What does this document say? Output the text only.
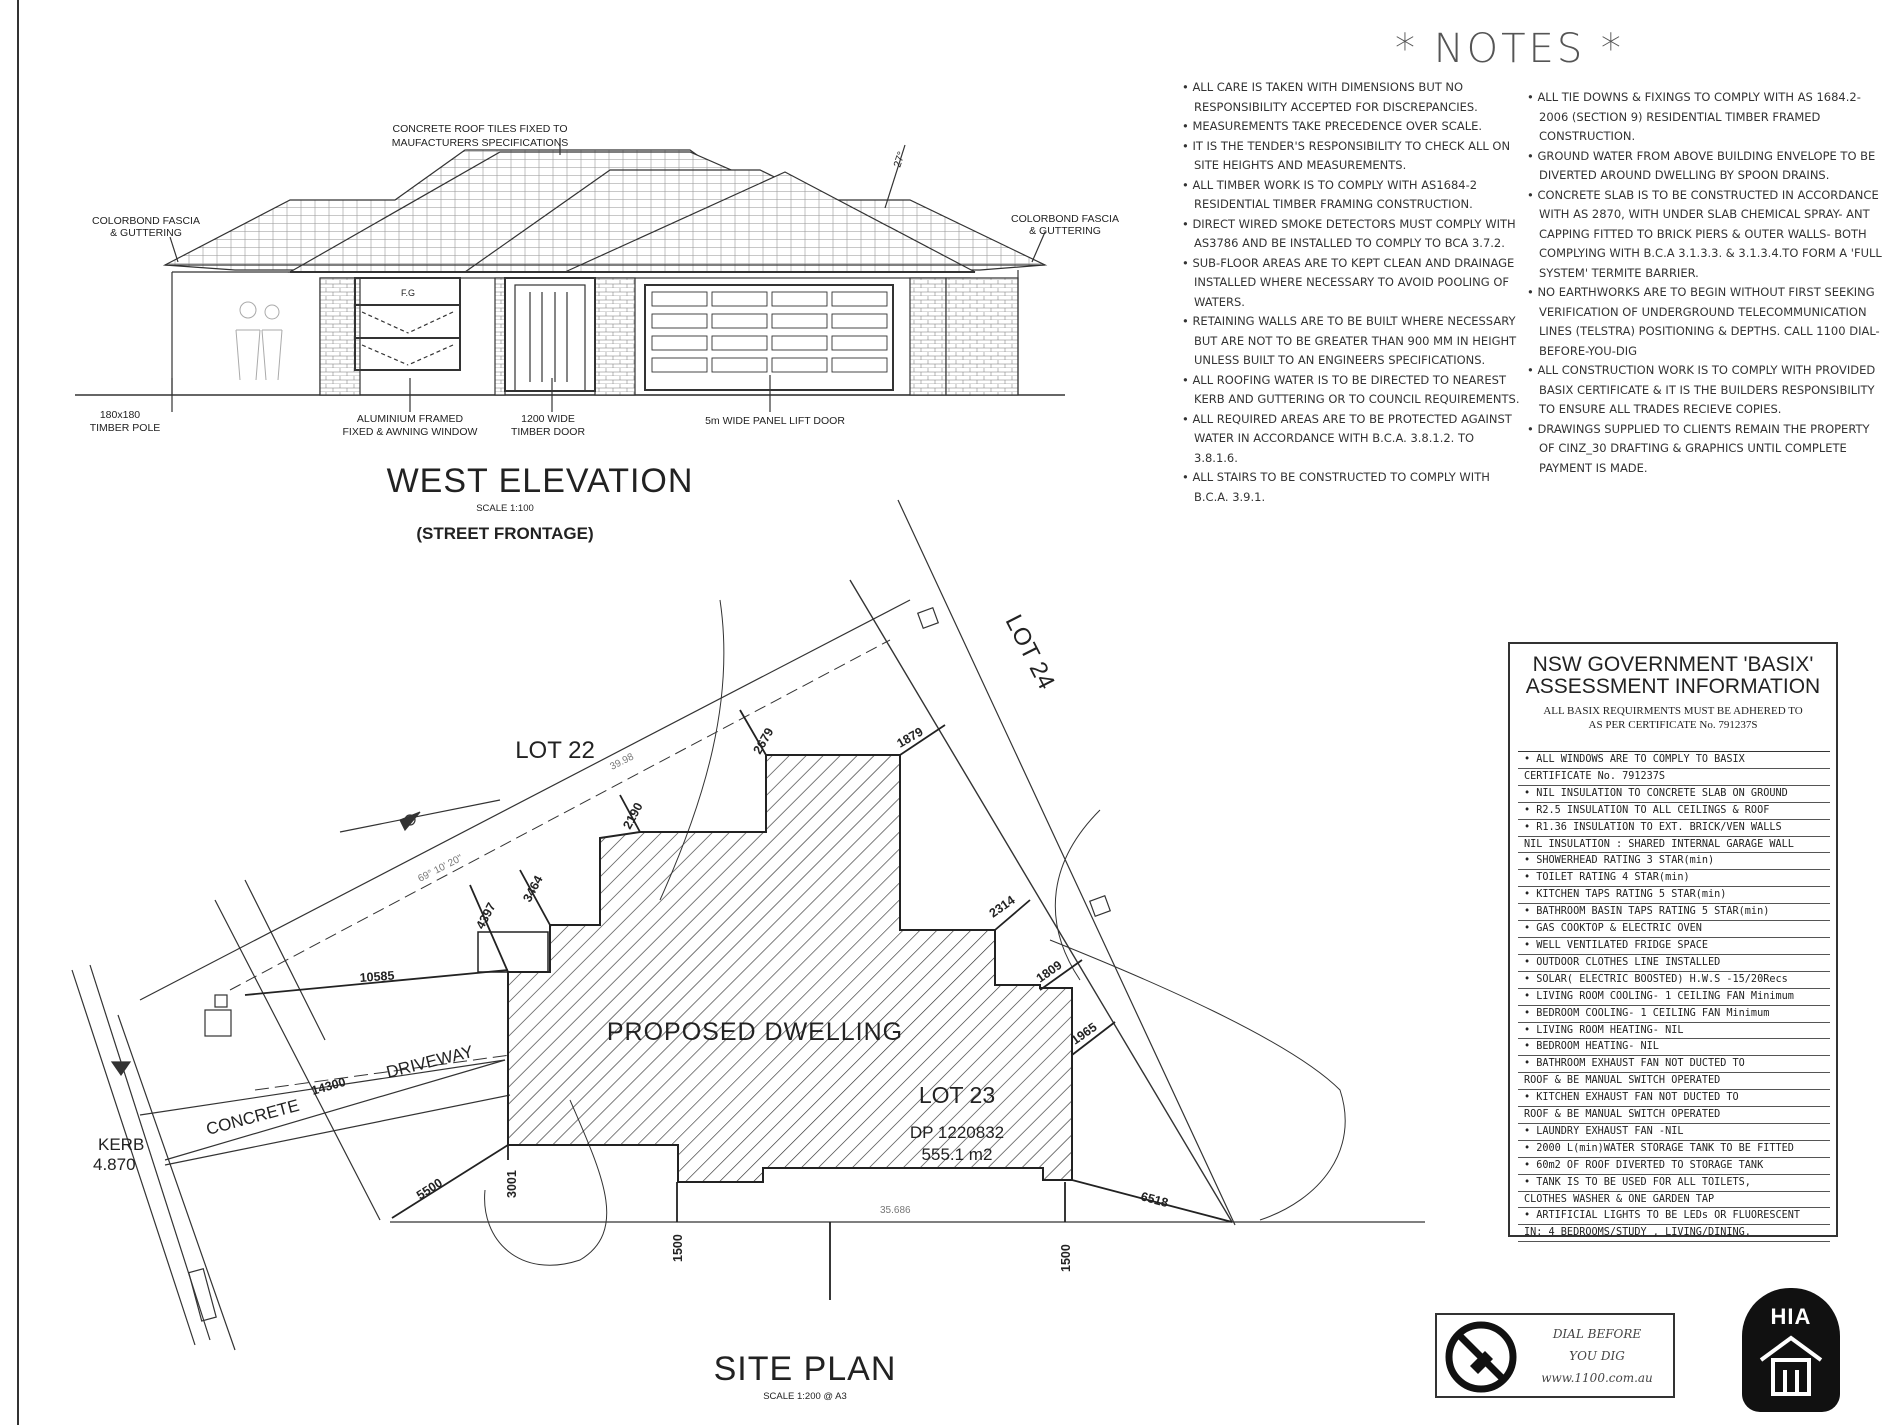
CONCRETE ROOF TILES FIXED TO
MAUFACTURERS SPECIFICATIONS
COLORBOND FASCIA
& GUTTERING
COLORBOND FASCIA
& GUTTERING
27°
F.G
180x180
TIMBER POLE
ALUMINIUM FRAMED
FIXED & AWNING WINDOW
1200 WIDE
TIMBER DOOR
5m WIDE PANEL LIFT DOOR
WEST ELEVATION
SCALE 1:100
(STREET FRONTAGE)
LOT 22
LOT 24
PROPOSED DWELLING
LOT 23
DP 1220832
555.1 m2
KERB
4.870
CONCRETE
DRIVEWAY
14300
10585
5500	3001
1500	1500
6518
1965
1809
2314
1879
2679
2190
3464
4397
69° 10' 20"
39.98
35.686
SITE PLAN
SCALE 1:200 @ A3
* NOTES *
• ALL CARE IS TAKEN WITH DIMENSIONS BUT NO RESPONSIBILITY ACCEPTED FOR DISCREPANCIES.
• MEASUREMENTS TAKE PRECEDENCE OVER SCALE.
• IT IS THE TENDER'S RESPONSIBILITY TO CHECK ALL ON SITE HEIGHTS AND MEASUREMENTS.
• ALL TIMBER WORK IS TO COMPLY WITH AS1684-2 RESIDENTIAL TIMBER FRAMING CONSTRUCTION.
• DIRECT WIRED SMOKE DETECTORS MUST COMPLY WITH AS3786 AND BE INSTALLED TO COMPLY TO BCA 3.7.2.
• SUB-FLOOR AREAS ARE TO KEPT CLEAN AND DRAINAGE INSTALLED WHERE NECESSARY TO AVOID POOLING OF WATERS.
• RETAINING WALLS ARE TO BE BUILT WHERE NECESSARY BUT ARE NOT TO BE GREATER THAN 900 MM IN HEIGHT UNLESS BUILT TO AN ENGINEERS SPECIFICATIONS.
• ALL ROOFING WATER IS TO BE DIRECTED TO NEAREST KERB AND GUTTERING OR TO COUNCIL REQUIREMENTS.
• ALL REQUIRED AREAS ARE TO BE PROTECTED AGAINST WATER IN ACCORDANCE WITH B.C.A. 3.8.1.2. TO 3.8.1.6.
• ALL STAIRS TO BE CONSTRUCTED TO COMPLY WITH B.C.A. 3.9.1.
• ALL TIE DOWNS & FIXINGS TO COMPLY WITH AS 1684.2-2006 (SECTION 9) RESIDENTIAL TIMBER FRAMED CONSTRUCTION.
• GROUND WATER FROM ABOVE BUILDING ENVELOPE TO BE DIVERTED AROUND DWELLING BY SPOON DRAINS.
• CONCRETE SLAB IS TO BE CONSTRUCTED IN ACCORDANCE WITH AS 2870, WITH UNDER SLAB CHEMICAL SPRAY- ANT CAPPING FITTED TO BRICK PIERS & OUTER WALLS- BOTH COMPLYING WITH B.C.A 3.1.3.3. & 3.1.3.4.TO FORM A 'FULL SYSTEM' TERMITE BARRIER.
• NO EARTHWORKS ARE TO BEGIN WITHOUT FIRST SEEKING VERIFICATION OF UNDERGROUND TELECOMMUNICATION LINES (TELSTRA) POSITIONING & DEPTHS. CALL 1100 DIAL-BEFORE-YOU-DIG
• ALL CONSTRUCTION WORK IS TO COMPLY WITH PROVIDED BASIX CERTIFICATE & IT IS THE BUILDERS RESPONSIBILITY TO ENSURE ALL TRADES RECIEVE COPIES.
• DRAWINGS SUPPLIED TO CLIENTS REMAIN THE PROPERTY OF CINZ_30 DRAFTING & GRAPHICS UNTIL COMPLETE PAYMENT IS MADE.
NSW GOVERNMENT 'BASIX'
ASSESSMENT INFORMATION
ALL BASIX REQUIRMENTS MUST BE ADHERED TO
AS PER CERTIFICATE No. 791237S
• ALL WINDOWS ARE TO COMPLY TO BASIX
CERTIFICATE No. 791237S
• NIL INSULATION TO CONCRETE SLAB ON GROUND
• R2.5 INSULATION TO ALL CEILINGS & ROOF
• R1.36 INSULATION TO EXT. BRICK/VEN WALLS
NIL INSULATION : SHARED INTERNAL GARAGE WALL
• SHOWERHEAD RATING 3 STAR(min)
• TOILET RATING 4 STAR(min)
• KITCHEN TAPS RATING 5 STAR(min)
• BATHROOM BASIN TAPS RATING 5 STAR(min)
• GAS COOKTOP & ELECTRIC OVEN
• WELL VENTILATED FRIDGE SPACE
• OUTDOOR CLOTHES LINE INSTALLED
• SOLAR( ELECTRIC BOOSTED) H.W.S -15/20Recs
• LIVING ROOM COOLING- 1 CEILING FAN Minimum
• BEDROOM COOLING- 1 CEILING FAN Minimum
• LIVING ROOM HEATING- NIL
• BEDROOM HEATING- NIL
• BATHROOM EXHAUST FAN NOT DUCTED TO
ROOF & BE MANUAL SWITCH OPERATED
• KITCHEN EXHAUST FAN NOT DUCTED TO
ROOF & BE MANUAL SWITCH OPERATED
• LAUNDRY EXHAUST FAN -NIL
• 2000 L(min)WATER STORAGE TANK TO BE FITTED
• 60m2 OF ROOF DIVERTED TO STORAGE TANK
• TANK IS TO BE USED FOR ALL TOILETS,
CLOTHES WASHER & ONE GARDEN TAP
• ARTIFICIAL LIGHTS TO BE LEDs OR FLUORESCENT
IN: 4 BEDROOMS/STUDY , LIVING/DINING.
DIAL BEFORE
YOU DIG
www.1100.com.au
HIA
